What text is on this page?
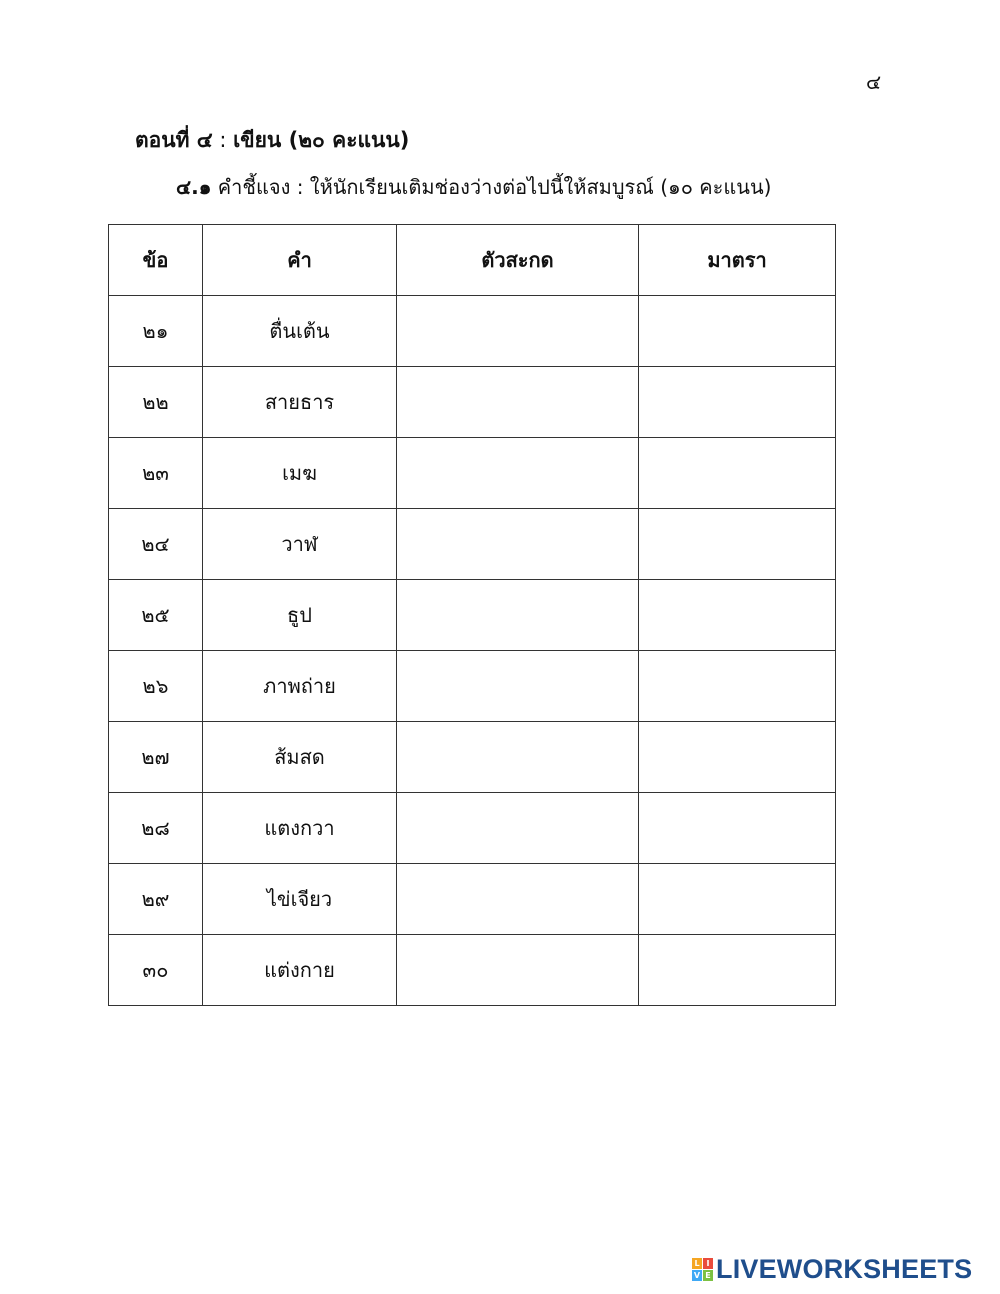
๔
ตอนที่ ๔ : เขียน (๒๐ คะแนน)
๔.๑ คำชี้แจง : ให้นักเรียนเติมช่องว่างต่อไปนี้ให้สมบูรณ์ (๑๐ คะแนน)
ข้อ	คำ	ตัวสะกด	มาตรา
๒๑	ตื่นเต้น		
๒๒	สายธาร		
๒๓	เมฆ		
๒๔	วาฬ		
๒๕	ธูป		
๒๖	ภาพถ่าย		
๒๗	ส้มสด		
๒๘	แตงกวา		
๒๙	ไข่เจียว		
๓๐	แต่งกาย		
L I
V E LIVEWORKSHEETS
